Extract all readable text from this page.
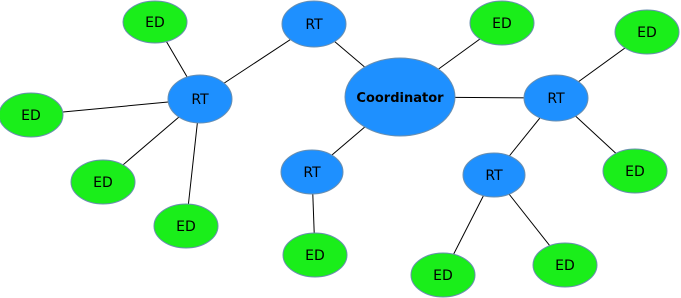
Coordinator
RT
RT
RT
RT
RT
ED
ED
ED
ED
ED
ED
ED
ED
ED
ED
